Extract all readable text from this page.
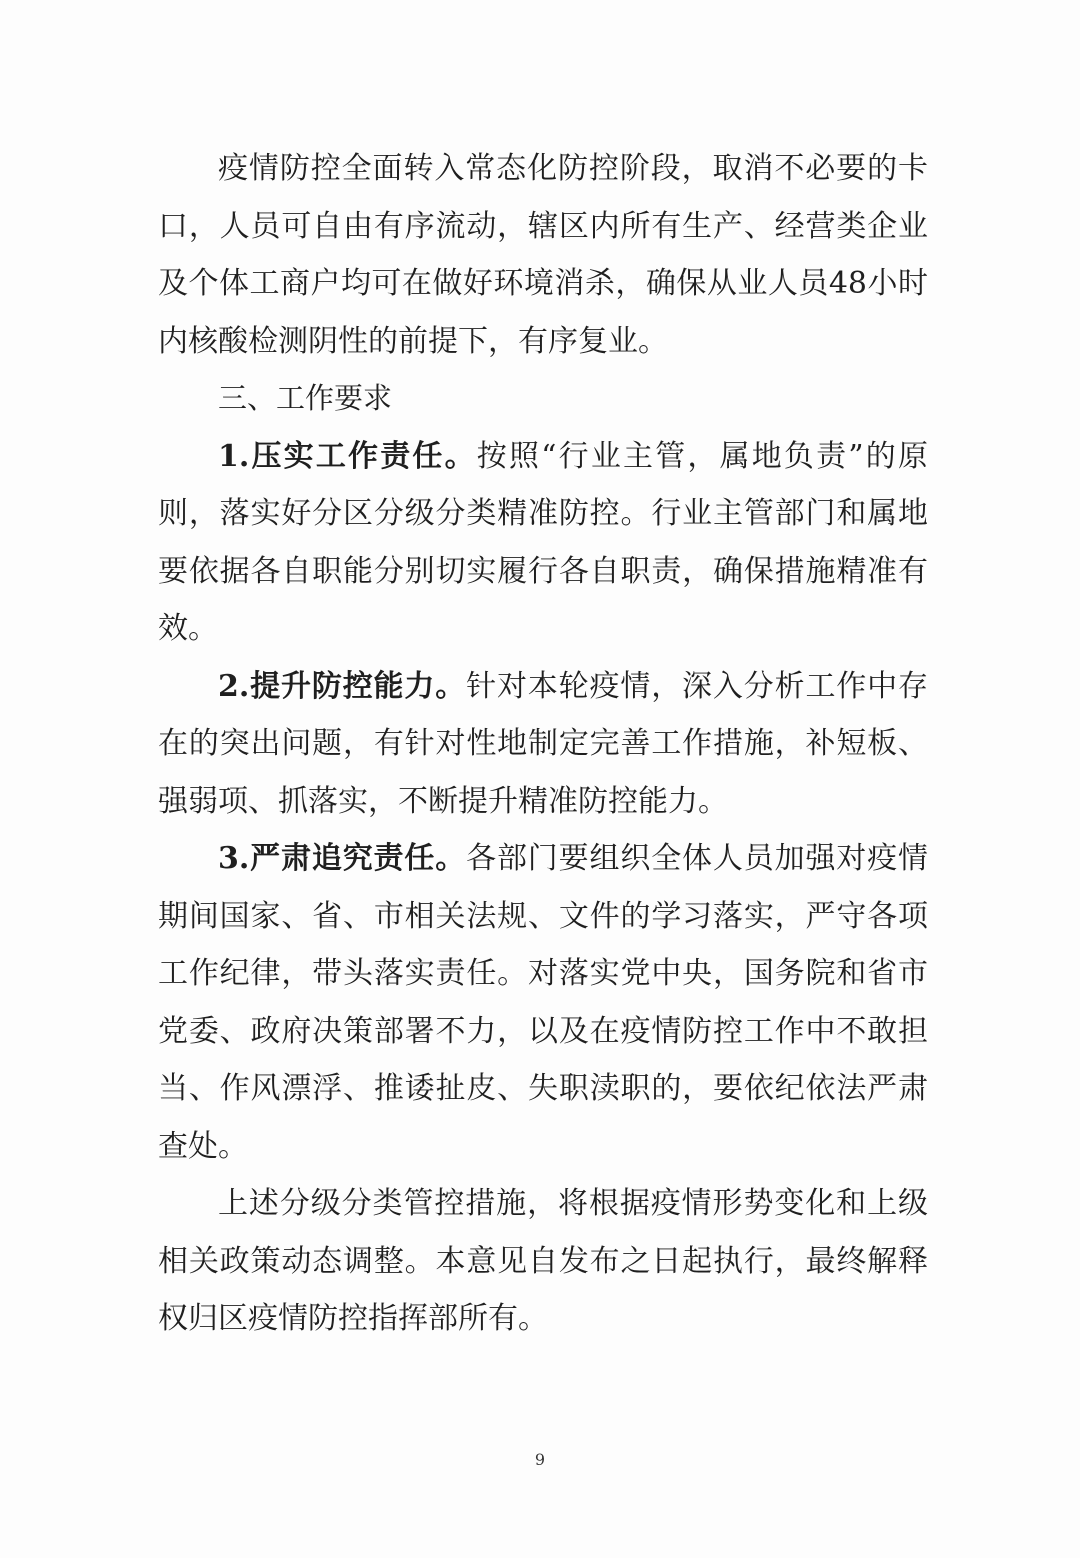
疫情防控全面转入常态化防控阶段，取消不必要的卡口，人员可自由有序流动，辖区内所有生产、经营类企业及个体工商户均可在做好环境消杀，确保从业人员48小时内核酸检测阴性的前提下，有序复业。

三、工作要求

1.压实工作责任。按照“行业主管，属地负责”的原则，落实好分区分级分类精准防控。行业主管部门和属地要依据各自职能分别切实履行各自职责，确保措施精准有效。

2.提升防控能力。针对本轮疫情，深入分析工作中存在的突出问题，有针对性地制定完善工作措施，补短板、强弱项、抓落实，不断提升精准防控能力。

3.严肃追究责任。各部门要组织全体人员加强对疫情期间国家、省、市相关法规、文件的学习落实，严守各项工作纪律，带头落实责任。对落实党中央，国务院和省市党委、政府决策部署不力，以及在疫情防控工作中不敢担当、作风漂浮、推诿扯皮、失职渎职的，要依纪依法严肃查处。

上述分级分类管控措施，将根据疫情形势变化和上级相关政策动态调整。本意见自发布之日起执行，最终解释权归区疫情防控指挥部所有。

9
